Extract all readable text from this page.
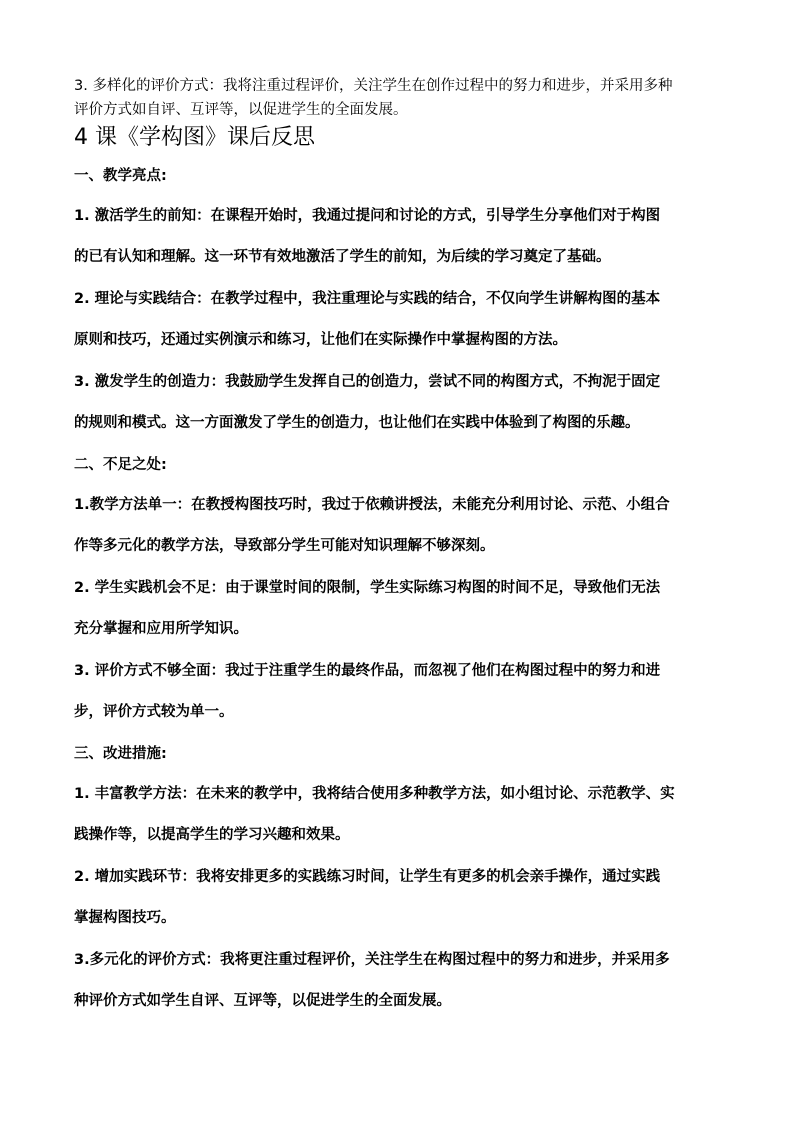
3. 多样化的评价方式：我将注重过程评价，关注学生在创作过程中的努力和进步，并采用多种
评价方式如自评、互评等，以促进学生的全面发展。

4 课《学构图》课后反思
一、教学亮点:
1. 激活学生的前知：在课程开始时，我通过提问和讨论的方式，引导学生分享他们对于构图
的已有认知和理解。这一环节有效地激活了学生的前知，为后续的学习奠定了基础。
2. 理论与实践结合：在教学过程中，我注重理论与实践的结合，不仅向学生讲解构图的基本
原则和技巧，还通过实例演示和练习，让他们在实际操作中掌握构图的方法。
3. 激发学生的创造力：我鼓励学生发挥自己的创造力，尝试不同的构图方式，不拘泥于固定
的规则和模式。这一方面激发了学生的创造力，也让他们在实践中体验到了构图的乐趣。
二、不足之处:
1.教学方法单一：在教授构图技巧时，我过于依赖讲授法，未能充分利用讨论、示范、小组合
作等多元化的教学方法，导致部分学生可能对知识理解不够深刻。
2. 学生实践机会不足：由于课堂时间的限制，学生实际练习构图的时间不足，导致他们无法
充分掌握和应用所学知识。
3. 评价方式不够全面：我过于注重学生的最终作品，而忽视了他们在构图过程中的努力和进
步，评价方式较为单一。
三、改进措施:
1. 丰富教学方法：在未来的教学中，我将结合使用多种教学方法，如小组讨论、示范教学、实
践操作等，以提高学生的学习兴趣和效果。
2. 增加实践环节：我将安排更多的实践练习时间，让学生有更多的机会亲手操作，通过实践
掌握构图技巧。
3.多元化的评价方式：我将更注重过程评价，关注学生在构图过程中的努力和进步，并采用多
种评价方式如学生自评、互评等，以促进学生的全面发展。
